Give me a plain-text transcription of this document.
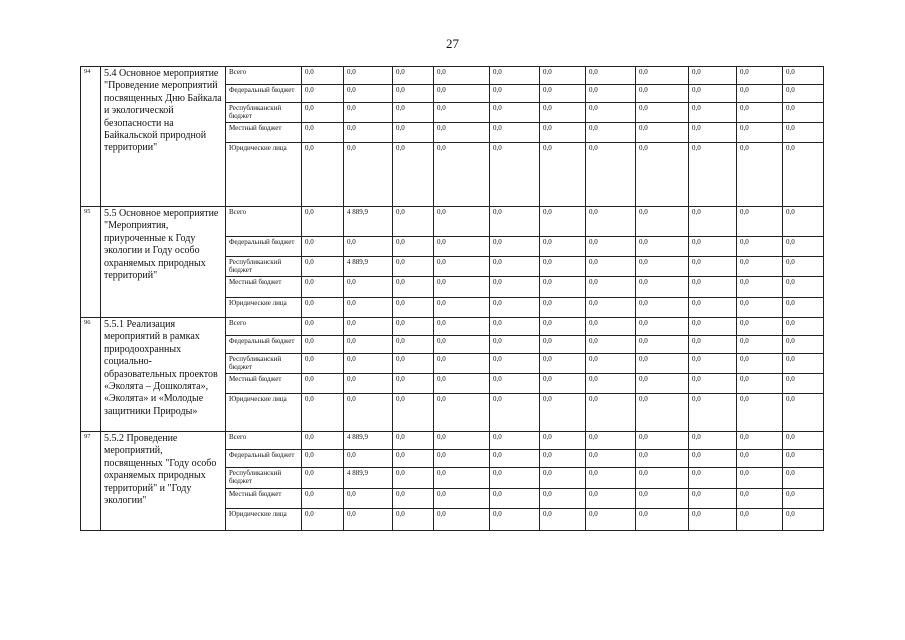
27
94	5.4 Основное мероприятие "Проведение мероприятий посвященных Дню Байкала и экологической безопасности на Байкальской природной территории"	Всего	0,0	0,0	0,0	0,0	0,0	0,0	0,0	0,0	0,0	0,0	0,0
		Федеральный бюджет	0,0	0,0	0,0	0,0	0,0	0,0	0,0	0,0	0,0	0,0	0,0
		Республиканский бюджет	0,0	0,0	0,0	0,0	0,0	0,0	0,0	0,0	0,0	0,0	0,0
		Местный бюджет	0,0	0,0	0,0	0,0	0,0	0,0	0,0	0,0	0,0	0,0	0,0
		Юридические лица	0,0	0,0	0,0	0,0	0,0	0,0	0,0	0,0	0,0	0,0	0,0
95	5.5 Основное мероприятие "Мероприятия, приуроченные к Году экологии и Году особо охраняемых природных территорий"	Всего	0,0	4 889,9	0,0	0,0	0,0	0,0	0,0	0,0	0,0	0,0	0,0
		Федеральный бюджет	0,0	0,0	0,0	0,0	0,0	0,0	0,0	0,0	0,0	0,0	0,0
		Республиканский бюджет	0,0	4 889,9	0,0	0,0	0,0	0,0	0,0	0,0	0,0	0,0	0,0
		Местный бюджет	0,0	0,0	0,0	0,0	0,0	0,0	0,0	0,0	0,0	0,0	0,0
		Юридические лица	0,0	0,0	0,0	0,0	0,0	0,0	0,0	0,0	0,0	0,0	0,0
96	5.5.1 Реализация мероприятий в рамках природоохранных социально-образовательных проектов «Эколята – Дошколята», «Эколята» и «Молодые защитники Природы»	Всего	0,0	0,0	0,0	0,0	0,0	0,0	0,0	0,0	0,0	0,0	0,0
		Федеральный бюджет	0,0	0,0	0,0	0,0	0,0	0,0	0,0	0,0	0,0	0,0	0,0
		Республиканский бюджет	0,0	0,0	0,0	0,0	0,0	0,0	0,0	0,0	0,0	0,0	0,0
		Местный бюджет	0,0	0,0	0,0	0,0	0,0	0,0	0,0	0,0	0,0	0,0	0,0
		Юридические лица	0,0	0,0	0,0	0,0	0,0	0,0	0,0	0,0	0,0	0,0	0,0
97	5.5.2 Проведение мероприятий, посвященных "Году особо охраняемых природных территорий" и "Году экологии"	Всего	0,0	4 889,9	0,0	0,0	0,0	0,0	0,0	0,0	0,0	0,0	0,0
		Федеральный бюджет	0,0	0,0	0,0	0,0	0,0	0,0	0,0	0,0	0,0	0,0	0,0
		Республиканский бюджет	0,0	4 889,9	0,0	0,0	0,0	0,0	0,0	0,0	0,0	0,0	0,0
		Местный бюджет	0,0	0,0	0,0	0,0	0,0	0,0	0,0	0,0	0,0	0,0	0,0
		Юридические лица	0,0	0,0	0,0	0,0	0,0	0,0	0,0	0,0	0,0	0,0	0,0
